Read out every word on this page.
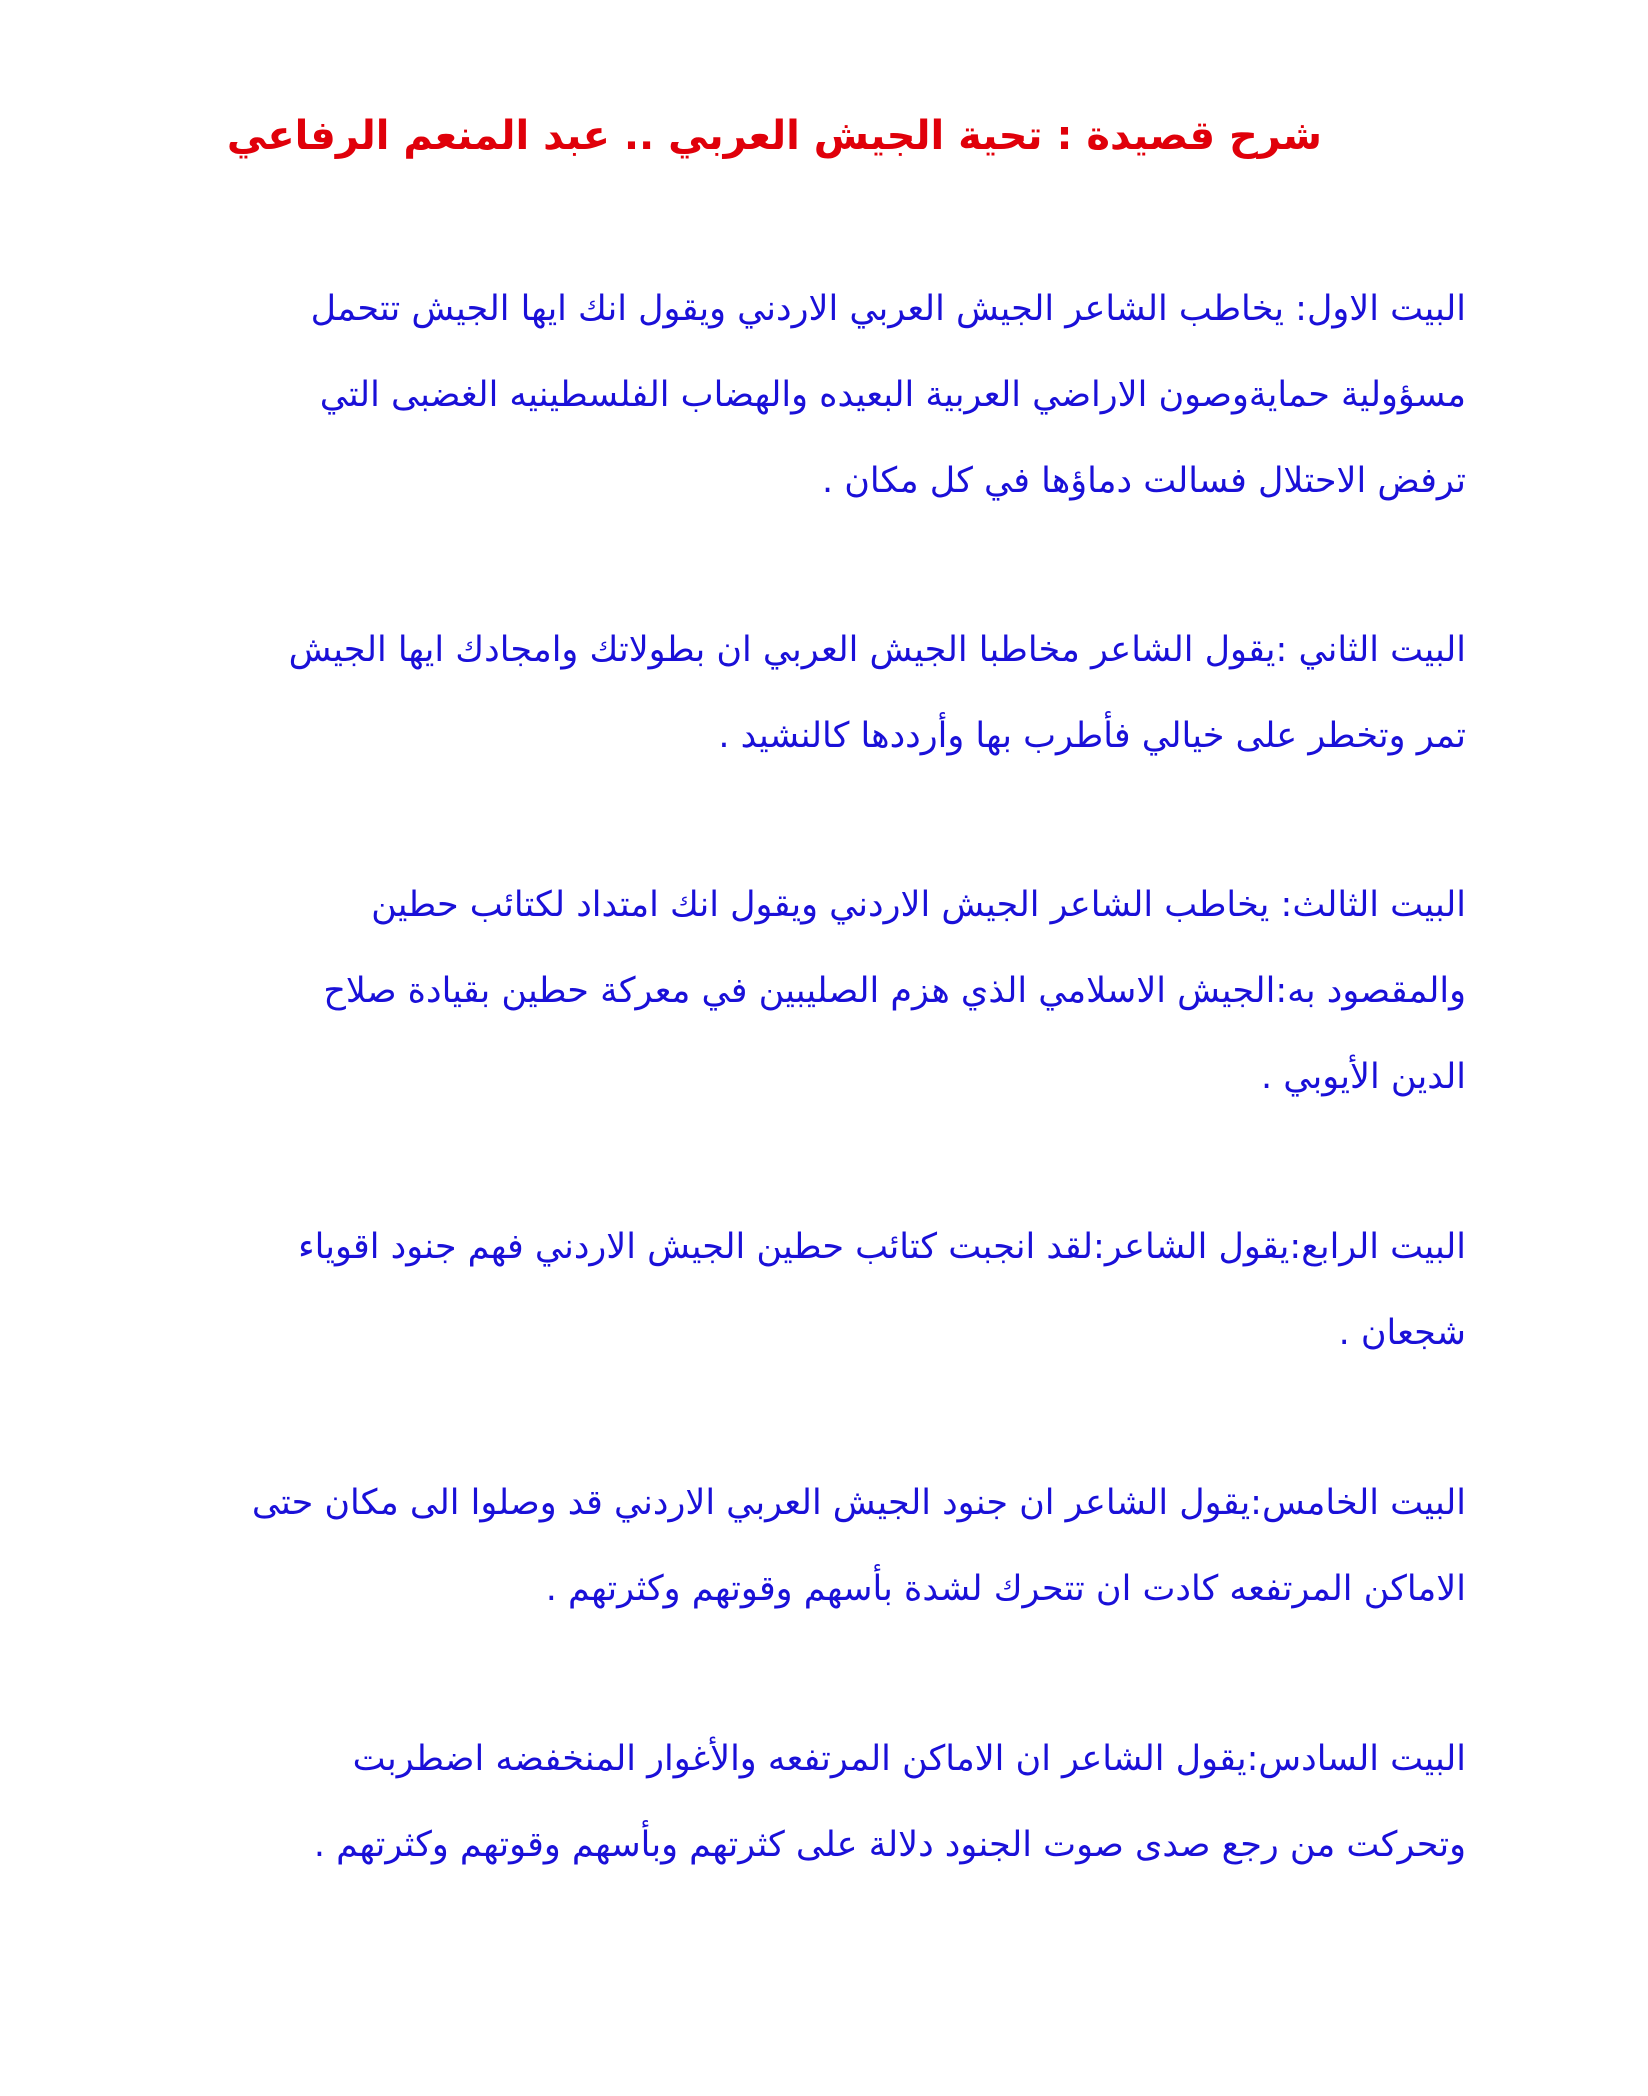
شرح قصيدة : تحية الجيش العربي .. عبد المنعم الرفاعي
البيت الاول: يخاطب الشاعر الجيش العربي الاردني ويقول انك ايها الجيش تتحمل
مسؤولية حمايةوصون الاراضي العربية البعيده والهضاب الفلسطينيه الغضبى التي
ترفض الاحتلال فسالت دماؤها في كل مكان .
البيت الثاني :يقول الشاعر مخاطبا الجيش العربي ان بطولاتك وامجادك ايها الجيش
تمر وتخطر على خيالي فأطرب بها وأرددها كالنشيد .
البيت الثالث: يخاطب الشاعر الجيش الاردني ويقول انك امتداد لكتائب حطين
والمقصود به:الجيش الاسلامي الذي هزم الصليبين في معركة حطين بقيادة صلاح
الدين الأيوبي .
البيت الرابع:يقول الشاعر:لقد انجبت كتائب حطين الجيش الاردني فهم جنود اقوياء
شجعان .
البيت الخامس:يقول الشاعر ان جنود الجيش العربي الاردني قد وصلوا الى مكان حتى
الاماكن المرتفعه كادت ان تتحرك لشدة بأسهم وقوتهم وكثرتهم .
البيت السادس:يقول الشاعر ان الاماكن المرتفعه والأغوار المنخفضه اضطربت
وتحركت من رجع صدى صوت الجنود دلالة على كثرتهم وبأسهم وقوتهم وكثرتهم .
